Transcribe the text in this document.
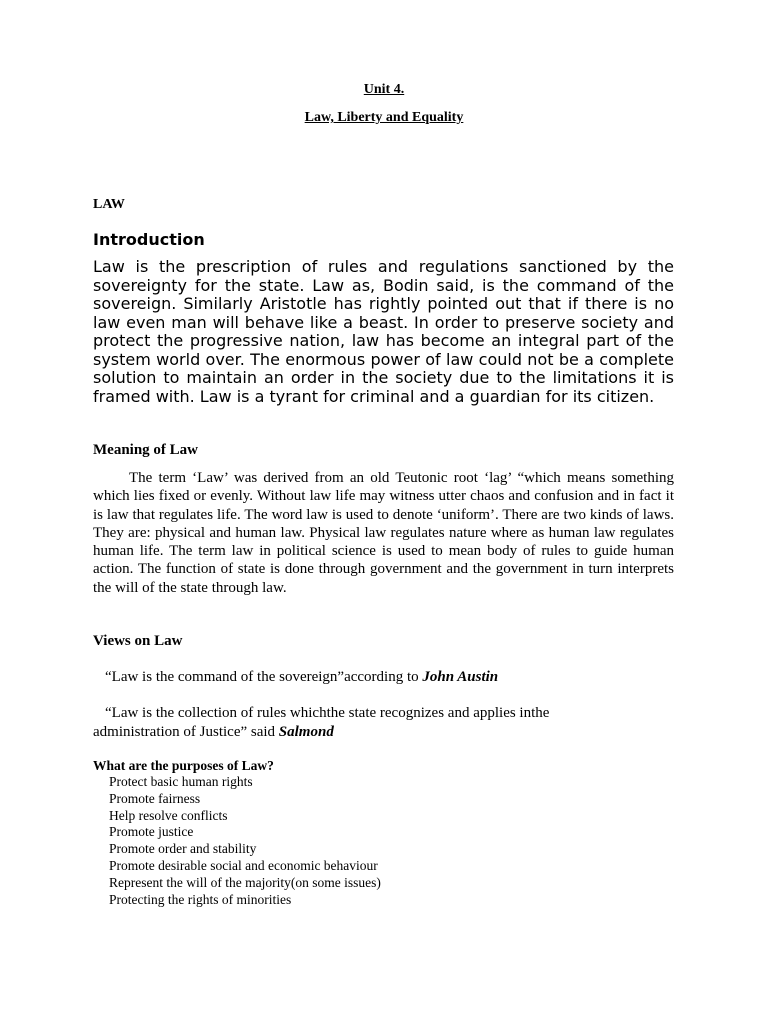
Unit 4.
Law, Liberty and Equality
LAW
Introduction
Law is the prescription of rules and regulations sanctioned by the sovereignty for the state. Law as, Bodin said, is the command of the sovereign. Similarly Aristotle has rightly pointed out that if there is no law even man will behave like a beast. In order to preserve society and protect the progressive nation, law has become an integral part of the system world over. The enormous power of law could not be a complete solution to maintain an order in the society due to the limitations it is framed with. Law is a tyrant for criminal and a guardian for its citizen.
Meaning of Law
The term ‘Law’ was derived from an old Teutonic root ‘lag’ “which means something which lies fixed or evenly. Without law life may witness utter chaos and confusion and in fact it is law that regulates life. The word law is used to denote ‘uniform’. There are two kinds of laws. They are: physical and human law. Physical law regulates nature where as human law regulates human life. The term law in political science is used to mean body of rules to guide human action. The function of state is done through government and the government in turn interprets the will of the state through law.
Views on Law
“Law is the command of the sovereign”according to John Austin
“Law is the collection of rules whichthe state recognizes and applies inthe
administration of Justice” said Salmond
What are the purposes of Law?
Protect basic human rights
Promote fairness
Help resolve conflicts
Promote justice
Promote order and stability
Promote desirable social and economic behaviour
Represent the will of the majority(on some issues)
Protecting the rights of minorities
